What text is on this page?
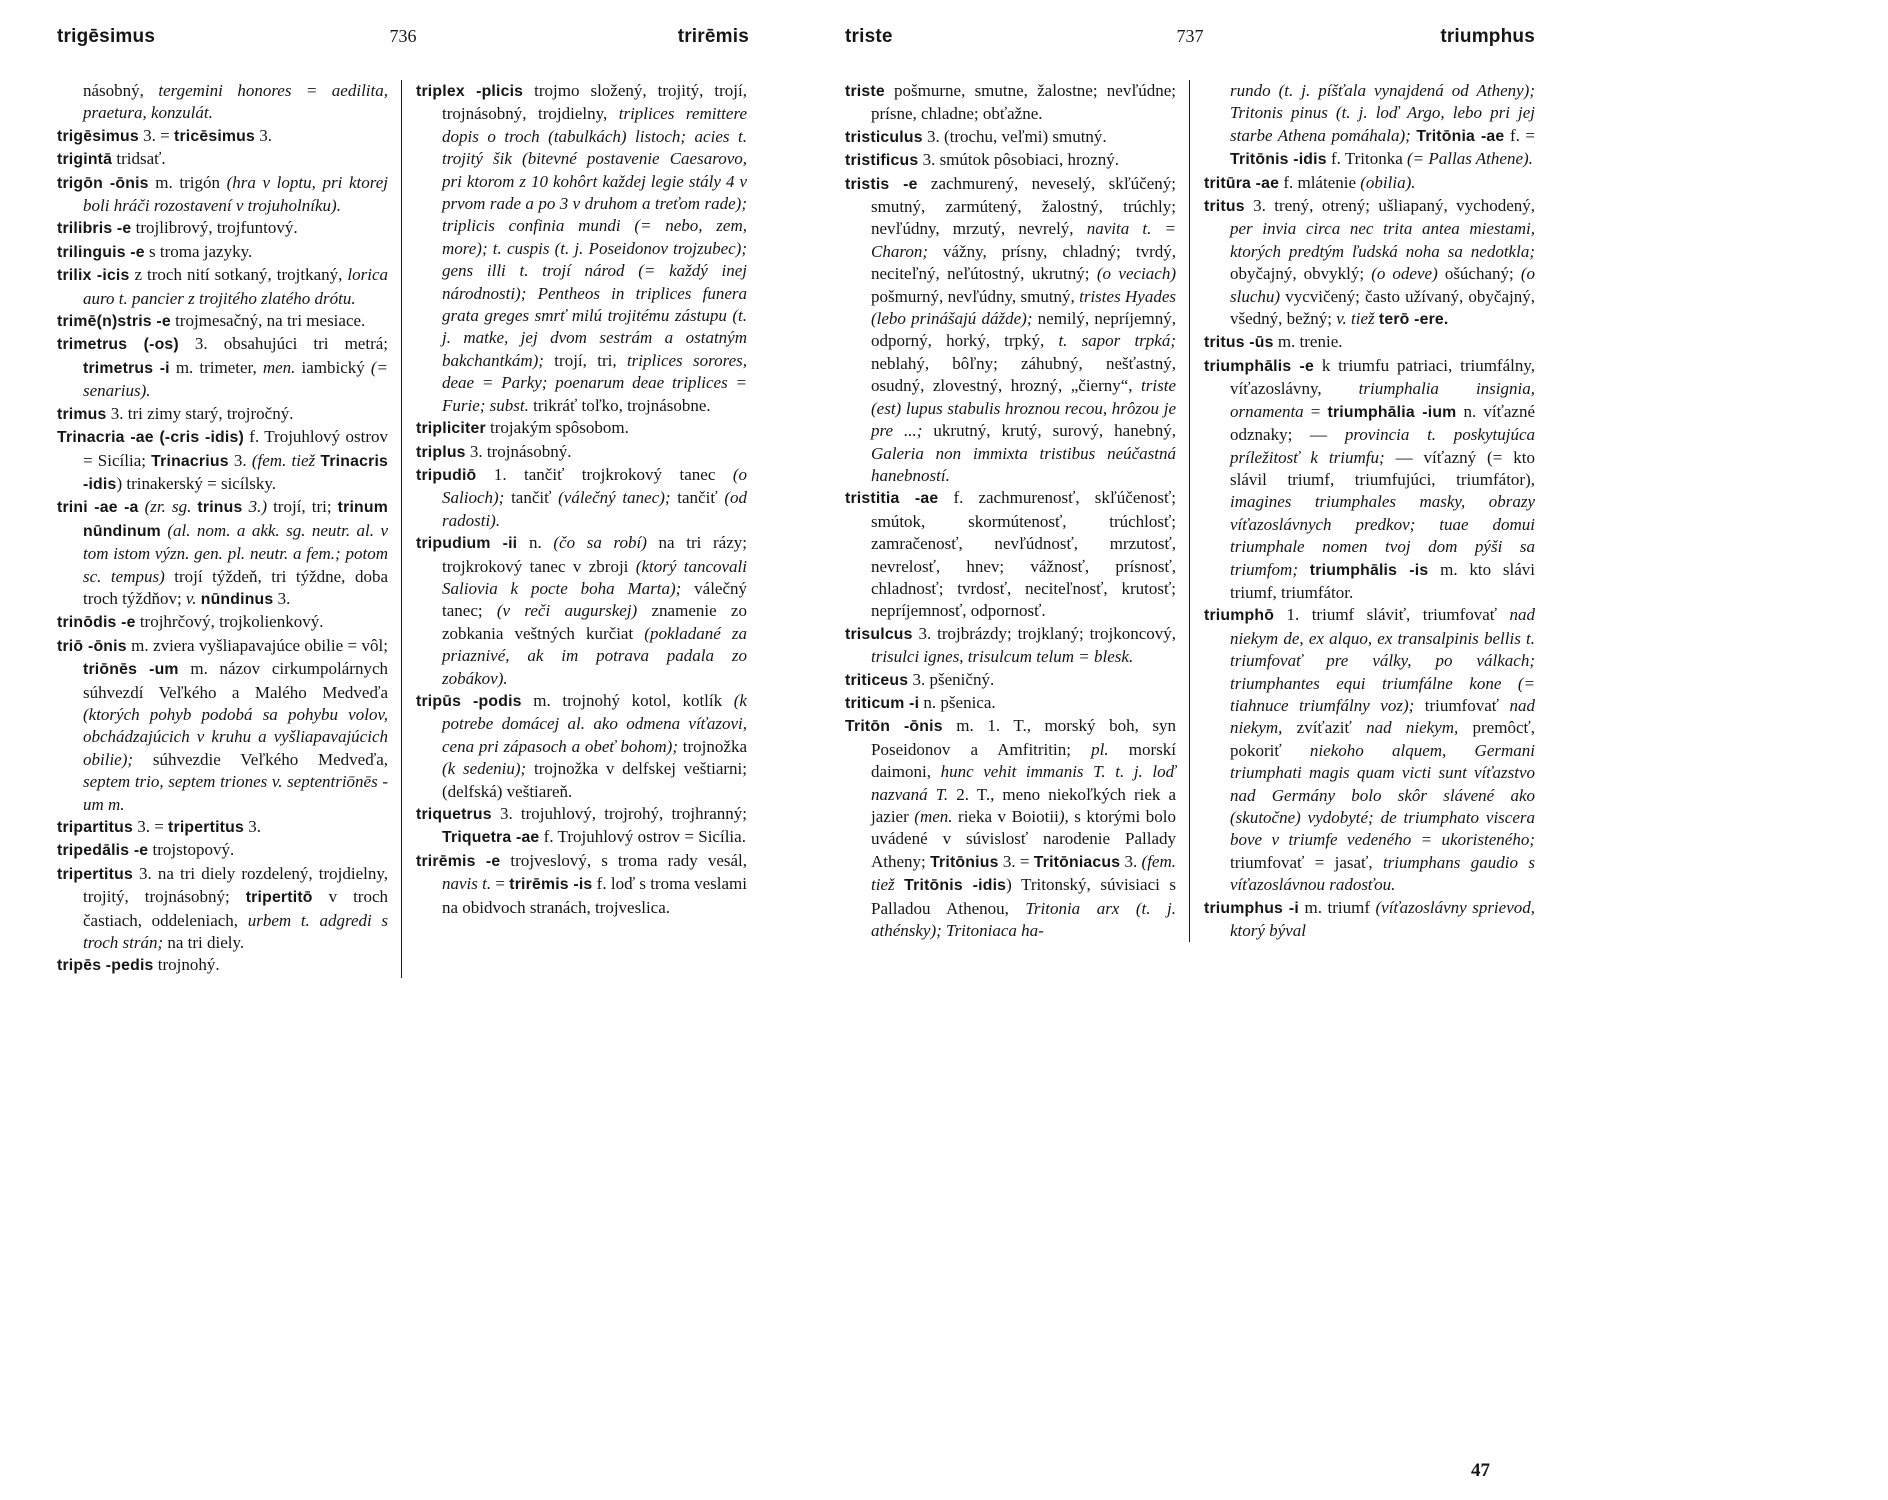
trigēsimus	736	trirēmis

násobný, tergemini honores = aedilita, praetura, konzulát.

trigēsimus 3. = tricēsimus 3.

trigintā tridsať.

trigōn -ōnis m. trigón (hra v loptu, pri ktorej boli hráči rozostavení v trojuholníku).

trilibris -e trojlibrový, trojfuntový.

trilinguis -e s troma jazyky.

trilix -icis z troch nití sotkaný, trojtkaný, lorica auro t. pancier z trojitého zlatého drótu.

trimē(n)stris -e trojmesačný, na tri mesiace.

trimetrus (-os) 3. obsahujúci tri metrá; trimetrus -i m. trimeter, men. iambický (= senarius).

trimus 3. tri zimy starý, trojročný.

Trinacria -ae (-cris -idis) f. Trojuhlový ostrov = Sicília; Trinacrius 3. (fem. tiež Trinacris -idis) trinakerský = sicílsky.

trini -ae -a (zr. sg. trinus 3.) trojí, tri; trinum nūndinum (al. nom. a akk. sg. neutr. al. v tom istom význ. gen. pl. neutr. a fem.; potom sc. tempus) trojí týždeň, tri týždne, doba troch týždňov; v. nūndinus 3.

trinōdis -e trojhrčový, trojkolienkový.

triō -ōnis m. zviera vyšliapavajúce obilie = vôl; triōnēs -um m. názov cirkumpolárnych súhvezdí Veľkého a Malého Medveďa (ktorých pohyb podobá sa pohybu volov, obchádzajúcich v kruhu a vyšliapavajúcich obilie); súhvezdie Veľkého Medveďa, septem trio, septem triones v. septentriōnēs -um m.

tripartitus 3. = tripertitus 3.

tripedālis -e trojstopový.

tripertitus 3. na tri diely rozdelený, trojdielny, trojitý, trojnásobný; tripertitō v troch častiach, oddeleniach, urbem t. adgredi s troch strán; na tri diely.

tripēs -pedis trojnohý.

triplex -plicis trojmo složený, trojitý, trojí, trojnásobný, trojdielny, triplices remittere dopis o troch (tabulkách) listoch; acies t. trojitý šik (bitevné postavenie Caesarovo, pri ktorom z 10 kohôrt každej legie stály 4 v prvom rade a po 3 v druhom a treťom rade); triplicis confinia mundi (= nebo, zem, more); t. cuspis (t. j. Poseidonov trojzubec); gens illi t. trojí národ (= každý inej národnosti); Pentheos in triplices funera grata greges smrť milú trojitému zástupu (t. j. matke, jej dvom sestrám a ostatným bakchantkám); trojí, tri, triplices sorores, deae = Parky; poenarum deae triplices = Furie; subst. trikráť toľko, trojnásobne.

tripliciter trojakým spôsobom.

triplus 3. trojnásobný.

tripudiō 1. tančiť trojkrokový tanec (o Salioch); tančiť (válečný tanec); tančiť (od radosti).

tripudium -ii n. (čo sa robí) na tri rázy; trojkrokový tanec v zbroji (ktorý tancovali Saliovia k pocte boha Marta); válečný tanec; (v reči augurskej) znamenie zo zobkania veštných kurčiat (pokladané za priaznivé, ak im potrava padala zo zobákov).

tripūs -podis m. trojnohý kotol, kotlík (k potrebe domácej al. ako odmena víťazovi, cena pri zápasoch a obeť bohom); trojnožka (k sedeniu); trojnožka v delfskej veštiarni; (delfská) veštiareň.

triquetrus 3. trojuhlový, trojrohý, trojhranný; Triquetra -ae f. Trojuhlový ostrov = Sicília.

trirēmis -e trojveslový, s troma rady vesál, navis t. = trirēmis -is f. loď s troma veslami na obidvoch stranách, trojveslica.

triste	737	triumphus

triste pošmurne, smutne, žalostne; nevľúdne; prísne, chladne; obťažne.

tristiculus 3. (trochu, veľmi) smutný.

tristificus 3. smútok pôsobiaci, hrozný.

tristis -e zachmurený, neveselý, skľúčený; smutný, zarmútený, žalostný, trúchly; nevľúdny, mrzutý, nevrelý, navita t. = Charon; vážny, prísny, chladný; tvrdý, neciteľný, neľútostný, ukrutný; (o veciach) pošmurný, nevľúdny, smutný, tristes Hyades (lebo prinášajú dážde); nemilý, nepríjemný, odporný, horký, trpký, t. sapor trpká; neblahý, bôľny; záhubný, nešťastný, osudný, zlovestný, hrozný, „čierny“, triste (est) lupus stabulis hroznou recou, hrôzou je pre ...; ukrutný, krutý, surový, hanebný, Galeria non immixta tristibus neúčastná hanebností.

tristitia -ae f. zachmurenosť, skľúčenosť; smútok, skormútenosť, trúchlosť; zamračenosť, nevľúdnosť, mrzutosť, nevrelosť, hnev; vážnosť, prísnosť, chladnosť; tvrdosť, neciteľnosť, krutosť; nepríjemnosť, odpornosť.

trisulcus 3. trojbrázdy; trojklaný; trojkoncový, trisulci ignes, trisulcum telum = blesk.

triticeus 3. pšeničný.

triticum -i n. pšenica.

Tritōn -ōnis m. 1. T., morský boh, syn Poseidonov a Amfitritin; pl. morskí daimoni, hunc vehit immanis T. t. j. loď nazvaná T. 2. T., meno niekoľkých riek a jazier (men. rieka v Boiotii), s ktorými bolo uvádené v súvislosť narodenie Pallady Atheny; Tritōnius 3. = Tritōniacus 3. (fem. tiež Tritōnis -idis) Tritonský, súvisiaci s Palladou Athenou, Tritonia arx (t. j. athénsky); Tritoniaca ha-

rundo (t. j. píšťala vynajdená od Atheny); Tritonis pinus (t. j. loď Argo, lebo pri jej starbe Athena pomáhala); Tritōnia -ae f. = Tritōnis -idis f. Tritonka (= Pallas Athene).

tritūra -ae f. mlátenie (obilia).

tritus 3. trený, otrený; ušliapaný, vychodený, per invia circa nec trita antea miestami, ktorých predtým ľudská noha sa nedotkla; obyčajný, obvyklý; (o odeve) ošúchaný; (o sluchu) vycvičený; často užívaný, obyčajný, všedný, bežný; v. tiež terō -ere.

tritus -ūs m. trenie.

triumphālis -e k triumfu patriaci, triumfálny, víťazoslávny, triumphalia insignia, ornamenta = triumphālia -ium n. víťazné odznaky; — provincia t. poskytujúca príležitosť k triumfu; — víťazný (= kto slávil triumf, triumfujúci, triumfátor), imagines triumphales masky, obrazy víťazoslávnych predkov; tuae domui triumphale nomen tvoj dom pýši sa triumfom; triumphālis -is m. kto slávi triumf, triumfátor.

triumphō 1. triumf sláviť, triumfovať nad niekym de, ex alquo, ex transalpinis bellis t. triumfovať pre války, po válkach; triumphantes equi triumfálne kone (= tiahnuce triumfálny voz); triumfovať nad niekym, zvíťaziť nad niekym, premôcť, pokoriť niekoho alquem, Germani triumphati magis quam victi sunt víťazstvo nad Germány bolo skôr slávené ako (skutočne) vydobyté; de triumphato viscera bove v triumfe vedeného = ukoristeného; triumfovať = jasať, triumphans gaudio s víťazoslávnou radosťou.

triumphus -i m. triumf (víťazoslávny sprievod, ktorý býval

47
